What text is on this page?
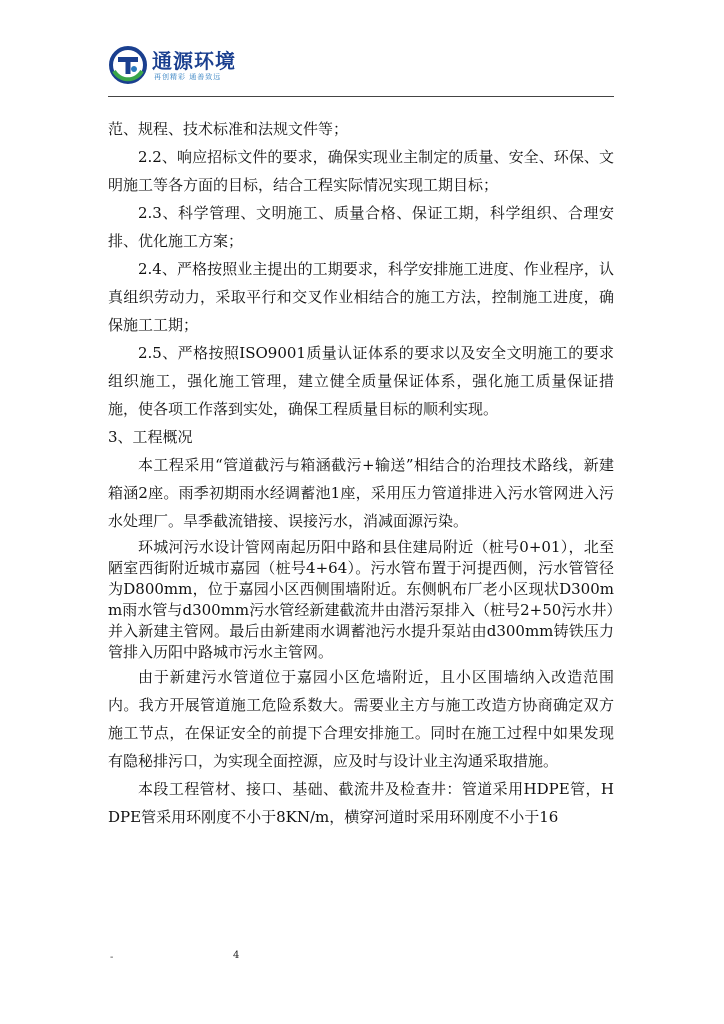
通源环境
再创精彩 通善致远

范、规程、技术标准和法规文件等；

2.2、响应招标文件的要求，确保实现业主制定的质量、安全、环保、文明施工等各方面的目标，结合工程实际情况实现工期目标；

2.3、科学管理、文明施工、质量合格、保证工期，科学组织、合理安排、优化施工方案；

2.4、严格按照业主提出的工期要求，科学安排施工进度、作业程序，认真组织劳动力，采取平行和交叉作业相结合的施工方法，控制施工进度，确保施工工期；

2.5、严格按照ISO9001质量认证体系的要求以及安全文明施工的要求组织施工，强化施工管理，建立健全质量保证体系，强化施工质量保证措施，使各项工作落到实处，确保工程质量目标的顺利实现。

3、工程概况

本工程采用“管道截污与箱涵截污+输送”相结合的治理技术路线，新建箱涵2座。雨季初期雨水经调蓄池1座，采用压力管道排进入污水管网进入污水处理厂。旱季截流错接、误接污水，消减面源污染。

环城河污水设计管网南起历阳中路和县住建局附近（桩号0+01），北至陋室西街附近城市嘉园（桩号4+64）。污水管布置于河提西侧，污水管管径为D800mm，位于嘉园小区西侧围墙附近。东侧帆布厂老小区现状D300mm雨水管与d300mm污水管经新建截流井由潜污泵排入（桩号2+50污水井）并入新建主管网。最后由新建雨水调蓄池污水提升泵站由d300mm铸铁压力管排入历阳中路城市污水主管网。

由于新建污水管道位于嘉园小区危墙附近，且小区围墙纳入改造范围内。我方开展管道施工危险系数大。需要业主方与施工改造方协商确定双方施工节点，在保证安全的前提下合理安排施工。同时在施工过程中如果发现有隐秘排污口，为实现全面控源，应及时与设计业主沟通采取措施。

本段工程管材、接口、基础、截流井及检查井：管道采用HDPE管，HDPE管采用环刚度不小于8KN/m，横穿河道时采用环刚度不小于16

-	4
